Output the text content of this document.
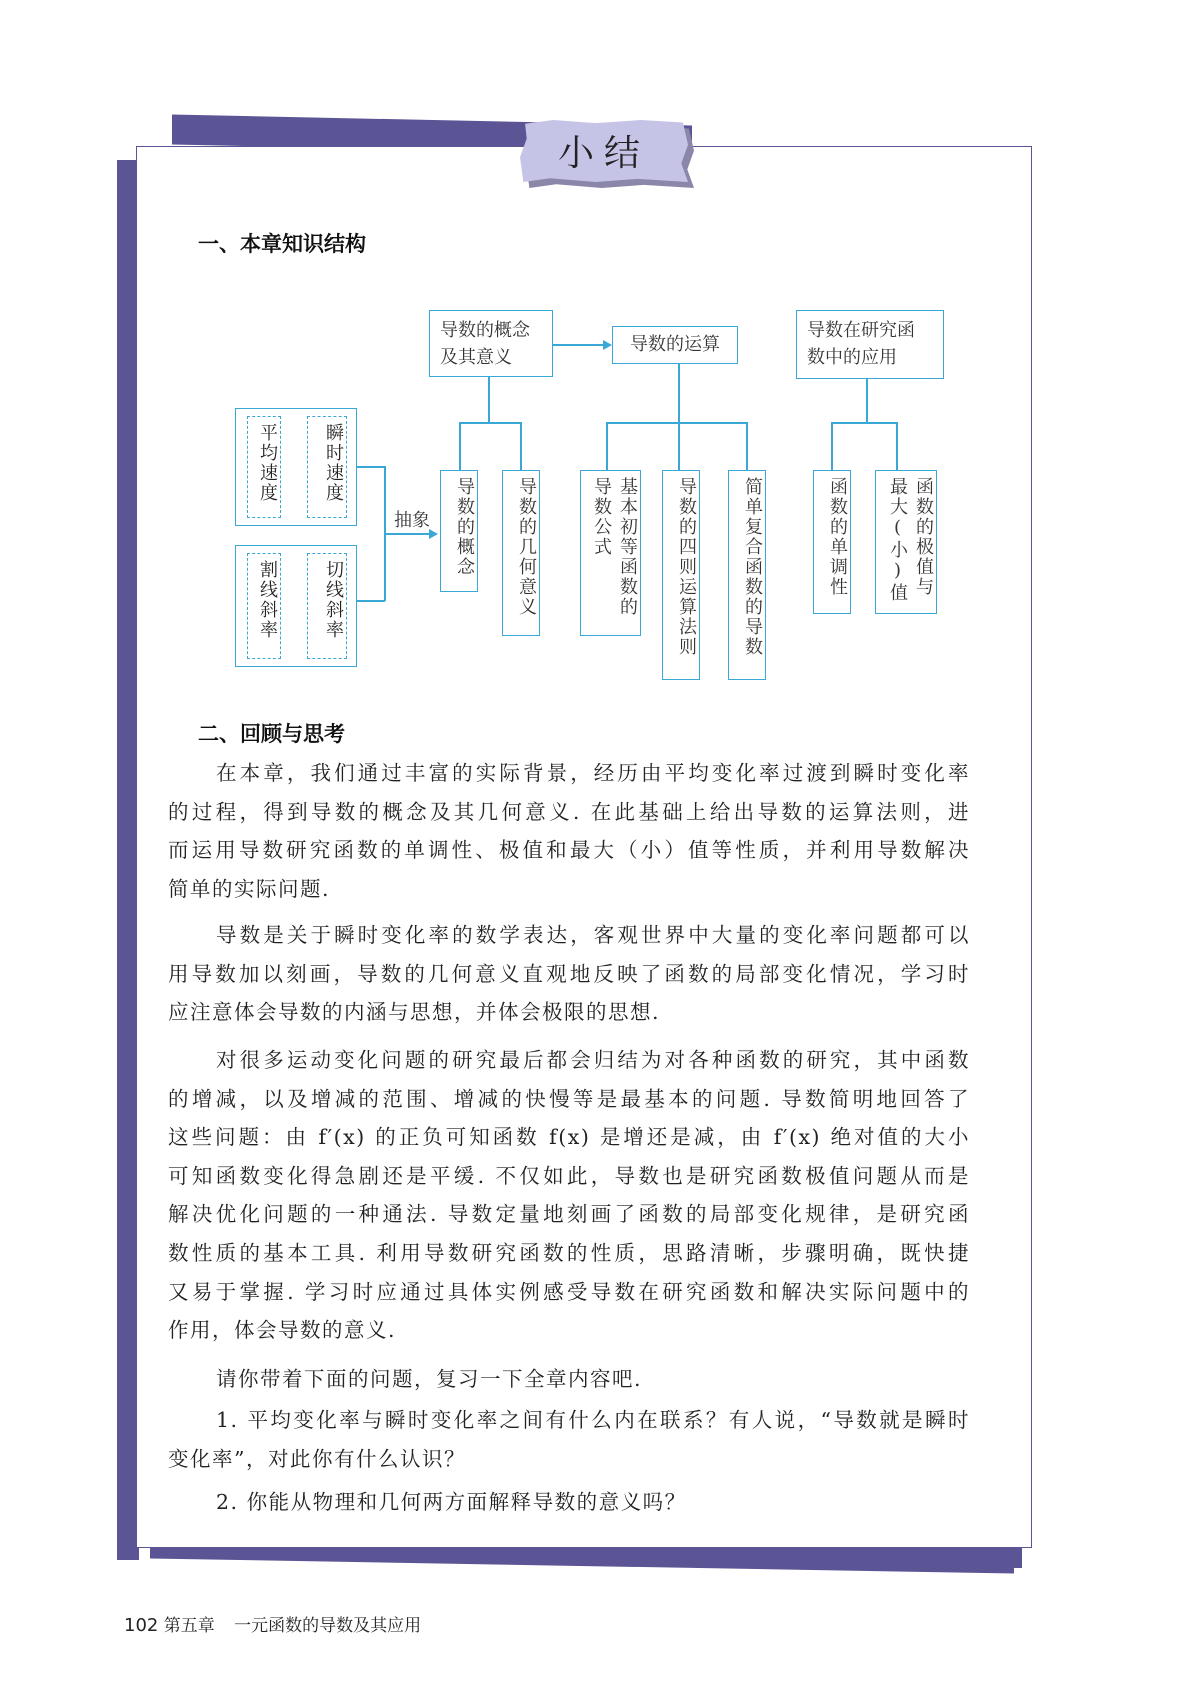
小结
一、本章知识结构
导数的概念
及其意义
导数的运算
导数在研究函
数中的应用
平均速度	瞬时速度
割线斜率	切线斜率
抽象	导数的概念	导数的几何意义	基本初等函数的导数公式	导数的四则运算法则	简单复合函数的导数	函数的单调性	函数的极值与最大(小)值
二、回顾与思考
在本章，我们通过丰富的实际背景，经历由平均变化率过渡到瞬时变化率
的过程，得到导数的概念及其几何意义. 在此基础上给出导数的运算法则，进
而运用导数研究函数的单调性、极值和最大（小）值等性质，并利用导数解决
简单的实际问题.
导数是关于瞬时变化率的数学表达，客观世界中大量的变化率问题都可以
用导数加以刻画，导数的几何意义直观地反映了函数的局部变化情况，学习时
应注意体会导数的内涵与思想，并体会极限的思想.
对很多运动变化问题的研究最后都会归结为对各种函数的研究，其中函数
的增减，以及增减的范围、增减的快慢等是最基本的问题. 导数简明地回答了
这些问题：由 f′(x) 的正负可知函数 f(x) 是增还是减，由 f′(x) 绝对值的大小
可知函数变化得急剧还是平缓. 不仅如此，导数也是研究函数极值问题从而是
解决优化问题的一种通法. 导数定量地刻画了函数的局部变化规律，是研究函
数性质的基本工具. 利用导数研究函数的性质，思路清晰，步骤明确，既快捷
又易于掌握. 学习时应通过具体实例感受导数在研究函数和解决实际问题中的
作用，体会导数的意义.
请你带着下面的问题，复习一下全章内容吧.
1. 平均变化率与瞬时变化率之间有什么内在联系？有人说，“导数就是瞬时
变化率”，对此你有什么认识？
2. 你能从物理和几何两方面解释导数的意义吗？
102 第五章 一元函数的导数及其应用
